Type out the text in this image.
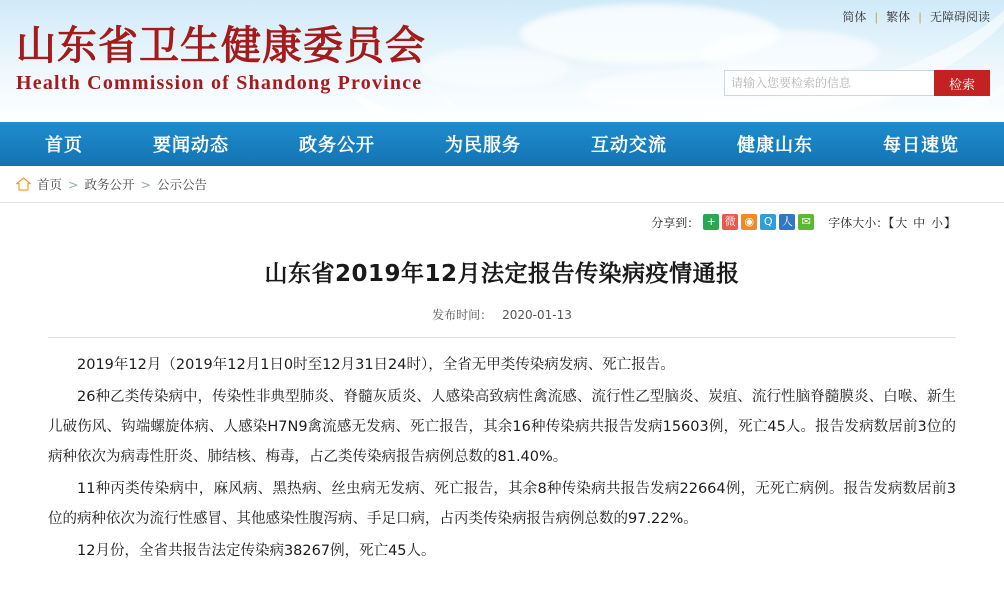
山东省卫生健康委员会
Health Commission of Shandong Province
简体 | 繁体 | 无障碍阅读
请输入您要检索的信息
检索
首页	要闻动态	政务公开	为民服务	互动交流	健康山东	每日速览
首页 > 政务公开 > 公示公告
分享到： + 微 ◉ Q 人 ✉ 字体大小：【大 中 小】
山东省2019年12月法定报告传染病疫情通报
发布时间： 2020-01-13

2019年12月（2019年12月1日0时至12月31日24时），全省无甲类传染病发病、死亡报告。

26种乙类传染病中，传染性非典型肺炎、脊髓灰质炎、人感染高致病性禽流感、流行性乙型脑炎、炭疽、流行性脑脊髓膜炎、白喉、新生儿破伤风、钩端螺旋体病、人感染H7N9禽流感无发病、死亡报告，其余16种传染病共报告发病15603例，死亡45人。报告发病数居前3位的病种依次为病毒性肝炎、肺结核、梅毒，占乙类传染病报告病例总数的81.40%。

11种丙类传染病中，麻风病、黑热病、丝虫病无发病、死亡报告，其余8种传染病共报告发病22664例，无死亡病例。报告发病数居前3位的病种依次为流行性感冒、其他感染性腹泻病、手足口病，占丙类传染病报告病例总数的97.22%。

12月份，全省共报告法定传染病38267例，死亡45人。
